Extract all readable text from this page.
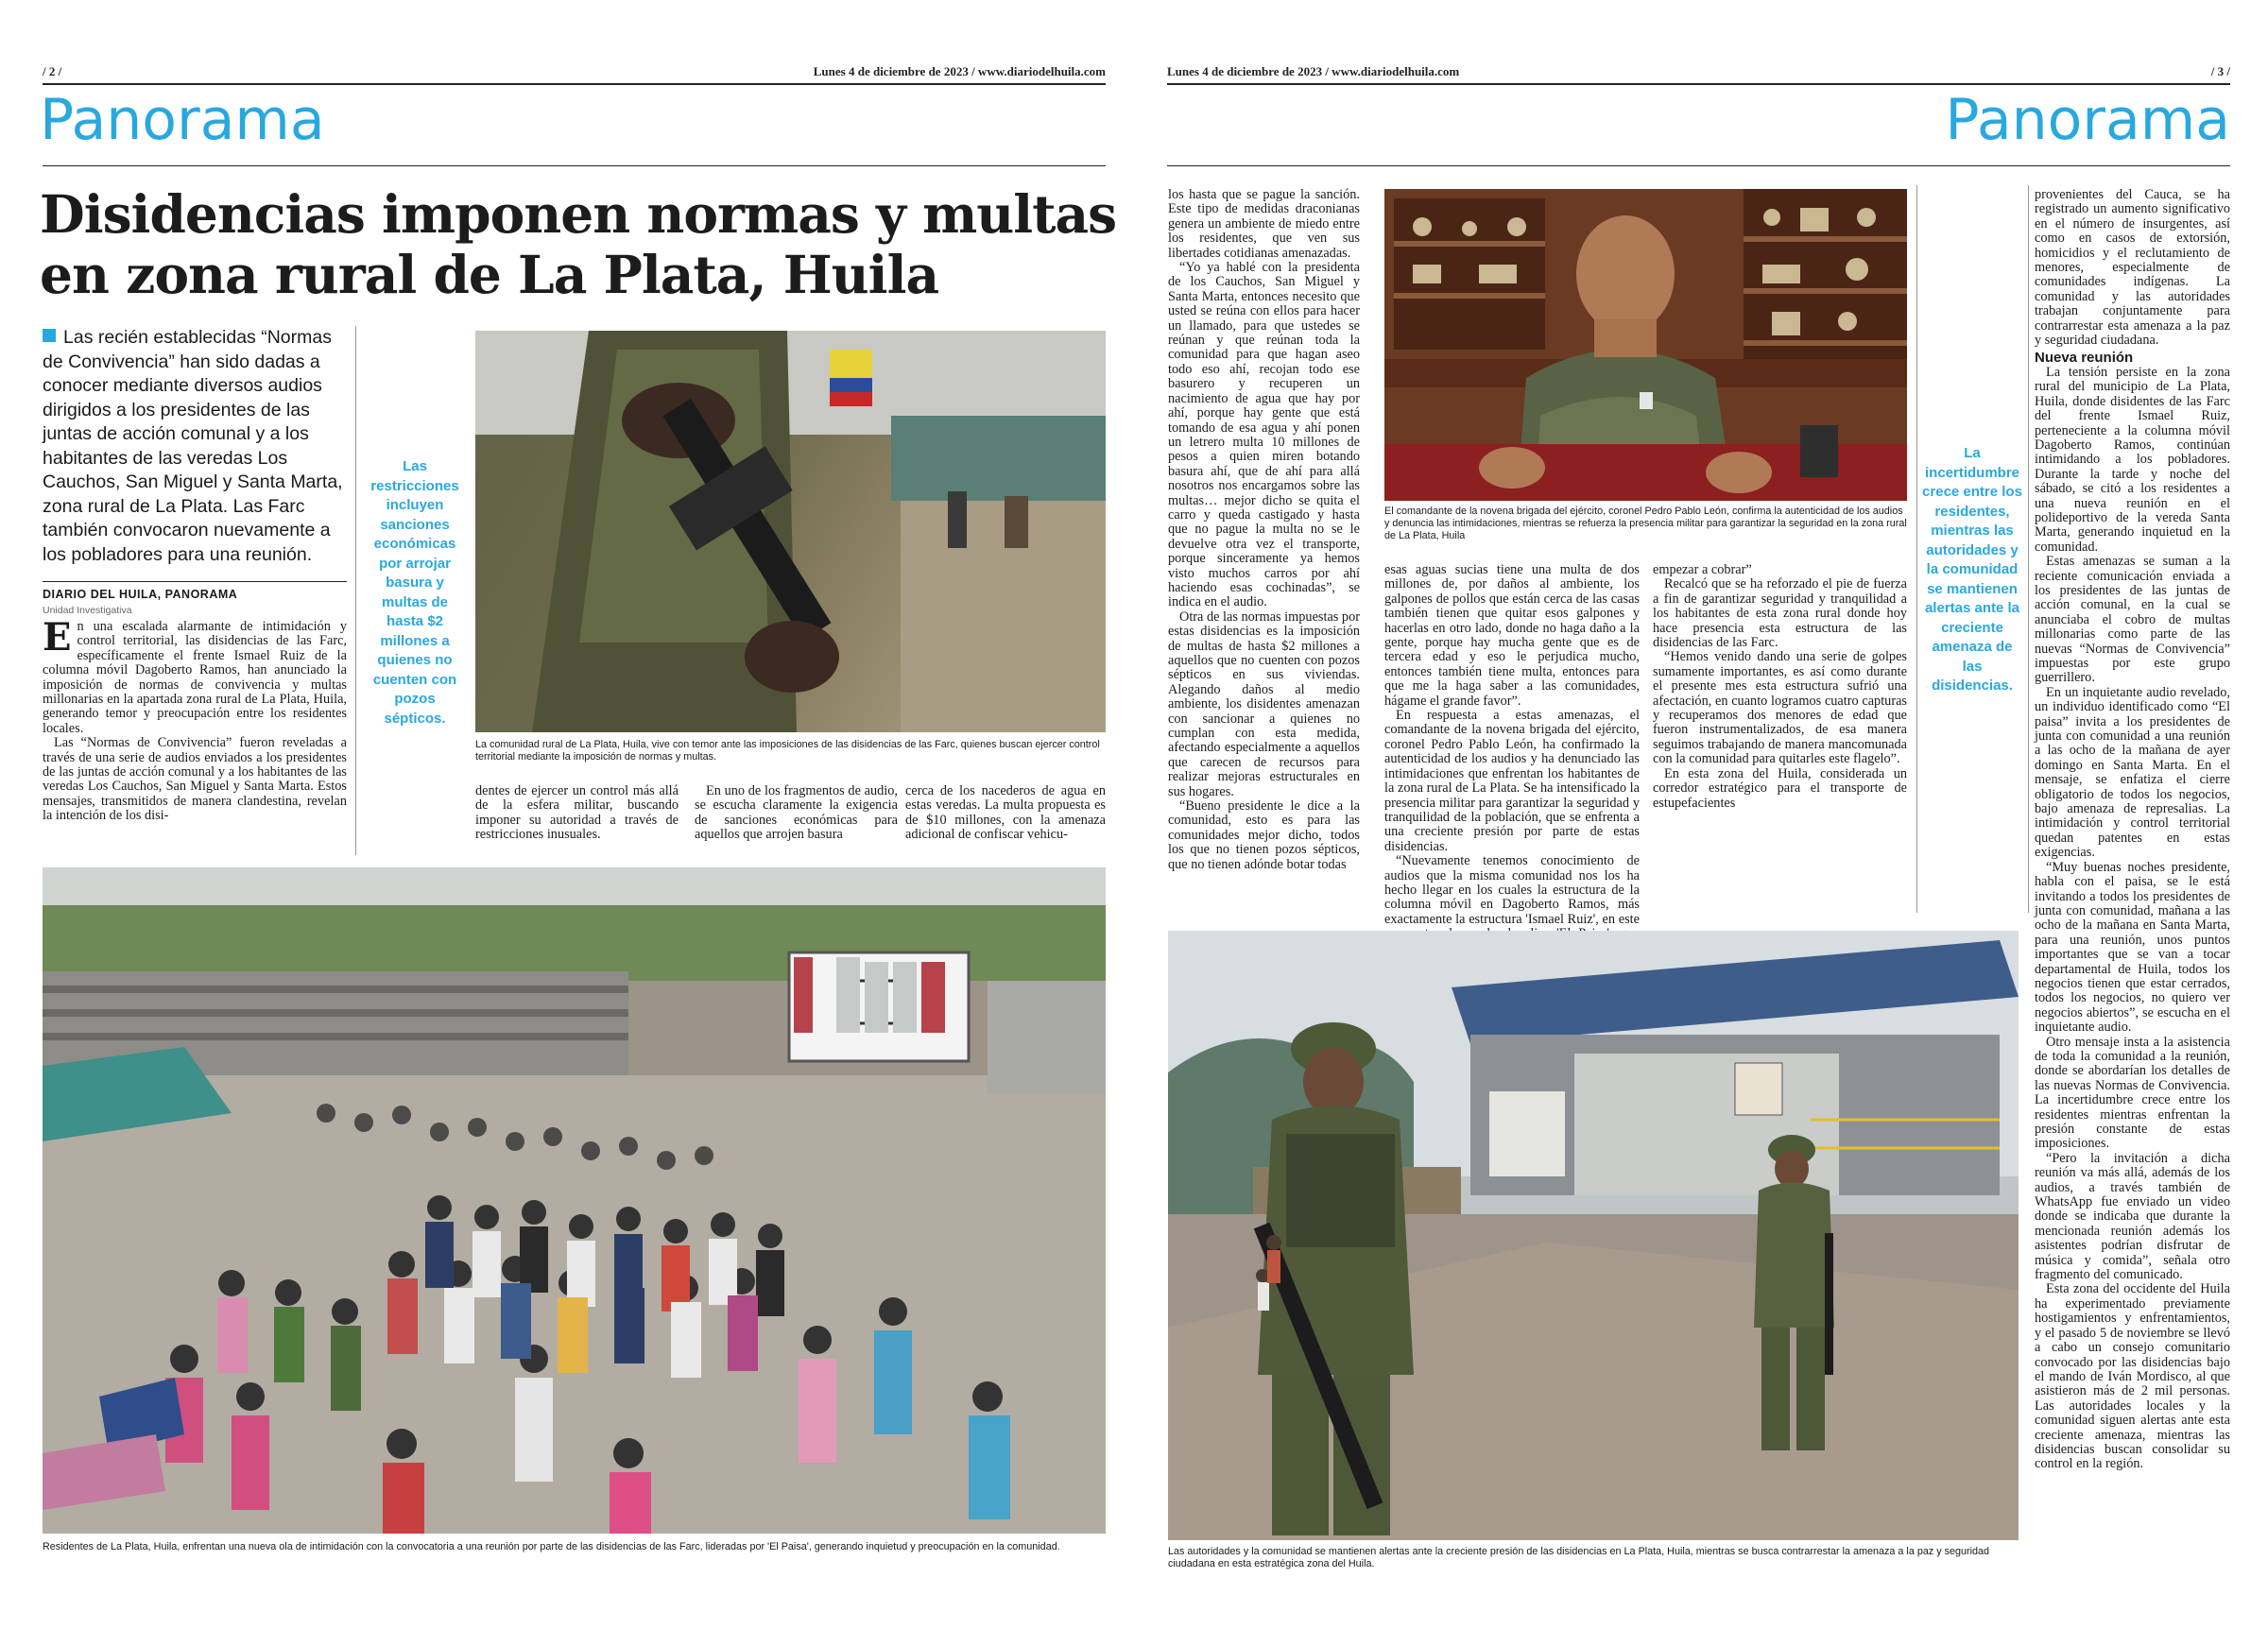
/ 2 /	Lunes 4 de diciembre de 2023 / www.diariodelhuila.com
Panorama
Disidencias imponen normas y multas
en zona rural de La Plata, Huila
Las recién establecidas “Normas de Convivencia” han sido dadas a conocer mediante diversos audios dirigidos a los presidentes de las juntas de acción comunal y a los habitantes de las veredas Los Cauchos, San Miguel y Santa Marta, zona rural de La Plata. Las Farc también convocaron nuevamente a los pobladores para una reunión.
DIARIO DEL HUILA, PANORAMA
Unidad Investigativa

En una escalada alarmante de intimidación y control territorial, las disidencias de las Farc, específicamente el frente Ismael Ruiz de la columna móvil Dagoberto Ramos, han anunciado la imposición de normas de convivencia y multas millonarias en la apartada zona rural de La Plata, Huila, generando temor y preocupación entre los residentes locales.

Las “Normas de Convivencia” fueron reveladas a través de una serie de audios enviados a los presidentes de las juntas de acción comunal y a los habitantes de las veredas Los Cauchos, San Miguel y Santa Marta. Estos mensajes, transmitidos de manera clandestina, revelan la intención de los disi-

Las restricciones incluyen sanciones económicas por arrojar basura y multas de hasta $2 millones a quienes no cuenten con pozos sépticos.
La comunidad rural de La Plata, Huila, vive con temor ante las imposiciones de las disidencias de las Farc, quienes buscan ejercer control territorial mediante la imposición de normas y multas.

dentes de ejercer un control más allá de la esfera militar, buscando imponer su autoridad a través de restricciones inusuales.

En uno de los fragmentos de audio, se escucha claramente la exigencia de sanciones económicas para aquellos que arrojen basura

cerca de los nacederos de agua en estas veredas. La multa propuesta es de $10 millones, con la amenaza adicional de confiscar vehicu-

Residentes de La Plata, Huila, enfrentan una nueva ola de intimidación con la convocatoria a una reunión por parte de las disidencias de las Farc, lideradas por 'El Paisa', generando inquietud y preocupación en la comunidad.
Lunes 4 de diciembre de 2023 / www.diariodelhuila.com	/ 3 /
Panorama

los hasta que se pague la sanción. Este tipo de medidas draconianas genera un ambiente de miedo entre los residentes, que ven sus libertades cotidianas amenazadas.

“Yo ya hablé con la presidenta de los Cauchos, San Miguel y Santa Marta, entonces necesito que usted se reúna con ellos para hacer un llamado, para que ustedes se reúnan y que reúnan toda la comunidad para que hagan aseo todo eso ahí, recojan todo ese basurero y recuperen un nacimiento de agua que hay por ahí, porque hay gente que está tomando de esa agua y ahí ponen un letrero multa 10 millones de pesos a quien miren botando basura ahí, que de ahí para allá nosotros nos encargamos sobre las multas… mejor dicho se quita el carro y queda castigado y hasta que no pague la multa no se le devuelve otra vez el transporte, porque sinceramente ya hemos visto muchos carros por ahí haciendo esas cochinadas”, se indica en el audio.

Otra de las normas impuestas por estas disidencias es la imposición de multas de hasta $2 millones a aquellos que no cuenten con pozos sépticos en sus viviendas. Alegando daños al medio ambiente, los disidentes amenazan con sancionar a quienes no cumplan con esta medida, afectando especialmente a aquellos que carecen de recursos para realizar mejoras estructurales en sus hogares.

“Bueno presidente le dice a la comunidad, esto es para las comunidades mejor dicho, todos los que no tienen pozos sépticos, que no tienen adónde botar todas

El comandante de la novena brigada del ejército, coronel Pedro Pablo León, confirma la autenticidad de los audios y denuncia las intimidaciones, mientras se refuerza la presencia militar para garantizar la seguridad en la zona rural de La Plata, Huila

esas aguas sucias tiene una multa de dos millones de, por daños al ambiente, los galpones de pollos que están cerca de las casas también tienen que quitar esos galpones y hacerlas en otro lado, donde no haga daño a la gente, porque hay mucha gente que es de tercera edad y eso le perjudica mucho, entonces también tiene multa, entonces para que me la haga saber a las comunidades, hágame el grande favor”.

En respuesta a estas amenazas, el comandante de la novena brigada del ejército, coronel Pedro Pablo León, ha confirmado la autenticidad de los audios y ha denunciado las intimidaciones que enfrentan los habitantes de la zona rural de La Plata. Se ha intensificado la presencia militar para garantizar la seguridad y tranquilidad de la población, que se enfrenta a una creciente presión por parte de estas disidencias.

“Nuevamente tenemos conocimiento de audios que la misma comunidad nos los ha hecho llegar en los cuales la estructura de la columna móvil en Dagoberto Ramos, más exactamente la estructura 'Ismael Ruiz', en este

empezar a cobrar”

Recalcó que se ha reforzado el pie de fuerza a fin de garantizar seguridad y tranquilidad a los habitantes de esta zona rural donde hoy hace presencia esta estructura de las disidencias de las Farc.

“Hemos venido dando una serie de golpes sumamente importantes, es así como durante el presente mes esta estructura sufrió una afectación, en cuanto logramos cuatro capturas y recuperamos dos menores de edad que fueron instrumentalizados, de esa manera seguimos trabajando de manera mancomunada con la comunidad para quitarles este flagelo”.

En esta zona del Huila, considerada un corredor estratégico para el transporte de estupefacientes

La incertidumbre crece entre los residentes, mientras las autoridades y la comunidad se mantienen alertas ante la creciente amenaza de las disidencias.

provenientes del Cauca, se ha registrado un aumento significativo en el número de insurgentes, así como en casos de extorsión, homicidios y el reclutamiento de menores, especialmente de comunidades indígenas. La comunidad y las autoridades trabajan conjuntamente para contrarrestar esta amenaza a la paz y seguridad ciudadana.

Nueva reunión

La tensión persiste en la zona rural del municipio de La Plata, Huila, donde disidentes de las Farc del frente Ismael Ruiz, perteneciente a la columna móvil Dagoberto Ramos, continúan intimidando a los pobladores. Durante la tarde y noche del sábado, se citó a los residentes a una nueva reunión en el polideportivo de la vereda Santa Marta, generando inquietud en la comunidad.

Estas amenazas se suman a la reciente comunicación enviada a los presidentes de las juntas de acción comunal, en la cual se anunciaba el cobro de multas millonarias como parte de las nuevas “Normas de Convivencia” impuestas por este grupo guerrillero.

En un inquietante audio revelado, un individuo identificado como “El paisa” invita a los presidentes de junta con comunidad a una reunión a las ocho de la mañana de ayer domingo en Santa Marta. En el mensaje, se enfatiza el cierre obligatorio de todos los negocios, bajo amenaza de represalias. La intimidación y control territorial quedan patentes en estas exigencias.

“Muy buenas noches presidente, habla con el paisa, se le está invitando a todos los presidentes de junta con comunidad, mañana a las ocho de la mañana en Santa Marta, para una reunión, unos puntos importantes que se van a tocar departamental de Huila, todos los negocios tienen que estar cerrados, todos los negocios, no quiero ver negocios abiertos”, se escucha en el inquietante audio.

Otro mensaje insta a la asistencia de toda la comunidad a la reunión, donde se abordarían los detalles de las nuevas Normas de Convivencia. La incertidumbre crece entre los residentes mientras enfrentan la presión constante de estas imposiciones.

“Pero la invitación a dicha reunión va más allá, además de los audios, a través también de WhatsApp fue enviado un video donde se indicaba que durante la mencionada reunión además los asistentes podrían disfrutar de música y comida”, señala otro fragmento del comunicado.

Esta zona del occidente del Huila ha experimentado previamente hostigamientos y enfrentamientos, y el pasado 5 de noviembre se llevó a cabo un consejo comunitario convocado por las disidencias bajo el mando de Iván Mordisco, al que asistieron más de 2 mil personas. Las autoridades locales y la comunidad siguen alertas ante esta creciente amenaza, mientras las disidencias buscan consolidar su control en la región.

Las autoridades y la comunidad se mantienen alertas ante la creciente presión de las disidencias en La Plata, Huila, mientras se busca contrarrestar la amenaza a la paz y seguridad ciudadana en esta estratégica zona del Huila.
